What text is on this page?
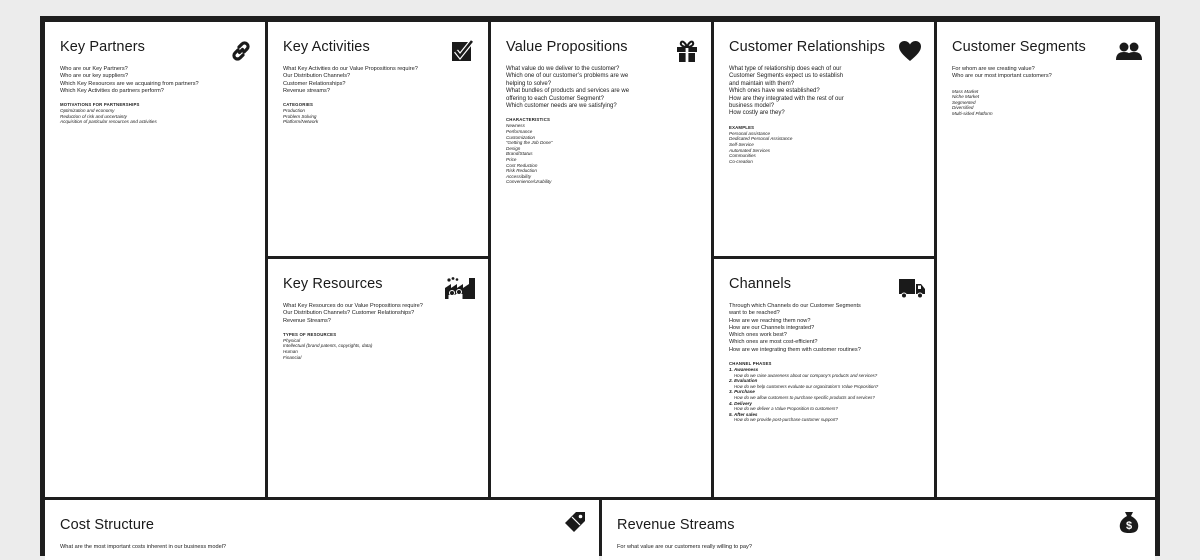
Key Partners
Who are our Key Partners?
Who are our key suppliers?
Which Key Resources are we acquairing from partners?
Which Key Activities do partners perform?
MOTIVATIONS FOR PARTNERSHIPS
Optimization and economy
Reduction of risk and uncertainty
Acquisition of particular resources and activities
Key Activities
What Key Activities do our Value Propositions require?
Our Distribution Channels?
Customer Relationships?
Revenue streams?
CATEGORIES
Production
Problem Solving
Platform/Network
Key Resources
What Key Resources do our Value Propositions require?
Our Distribution Channels? Customer Relationships?
Revenue Streams?
TYPES OF RESOURCES
Physical
Intellectual (brand patents, copyrights, data)
Human
Financial
Value Propositions
What value do we deliver to the customer?
Which one of our customer’s problems are we
helping to solve?
What bundles of products and services are we
offering to each Customer Segment?
Which customer needs are we satisfying?
CHARACTERISTICS
Newness
Performance
Customization
“Getting the Job Done”
Design
Brand/Status
Price
Cost Reduction
Risk Reduction
Accessibility
Convenience/Usability
Customer Relationships
What type of relationship does each of our
Customer Segments expect us to establish
and maintain with them?
Which ones have we established?
How are they integrated with the rest of our
business model?
How costly are they?
EXAMPLES
Personal assistance
Dedicated Personal Assistance
Self-Service
Automated Services
Communities
Co-creation
Channels
Through which Channels do our Customer Segments
want to be reached?
How are we reaching them now?
How are our Channels integrated?
Which ones work best?
Which ones are most cost-efficient?
How are we integrating them with customer routines?
CHANNEL PHASES
1. Awareness
How do we raise awareness about our company’s products and services?
2. Evaluation
How do we help customers evaluate our organization’s Value Proposition?
3. Purchase
How do we allow customers to purchase specific products and services?
4. Delivery
How do we deliver a Value Proposition to customers?
5. After sales
How do we provide post-purchase customer support?
Customer Segments
For whom are we creating value?
Who are our most important customers?
Mass Market
Niche Market
Segmented
Diversified
Multi-sided Platform
Cost Structure
What are the most important costs inherent in our business model?
Revenue Streams	$
For what value are our customers really willing to pay?
